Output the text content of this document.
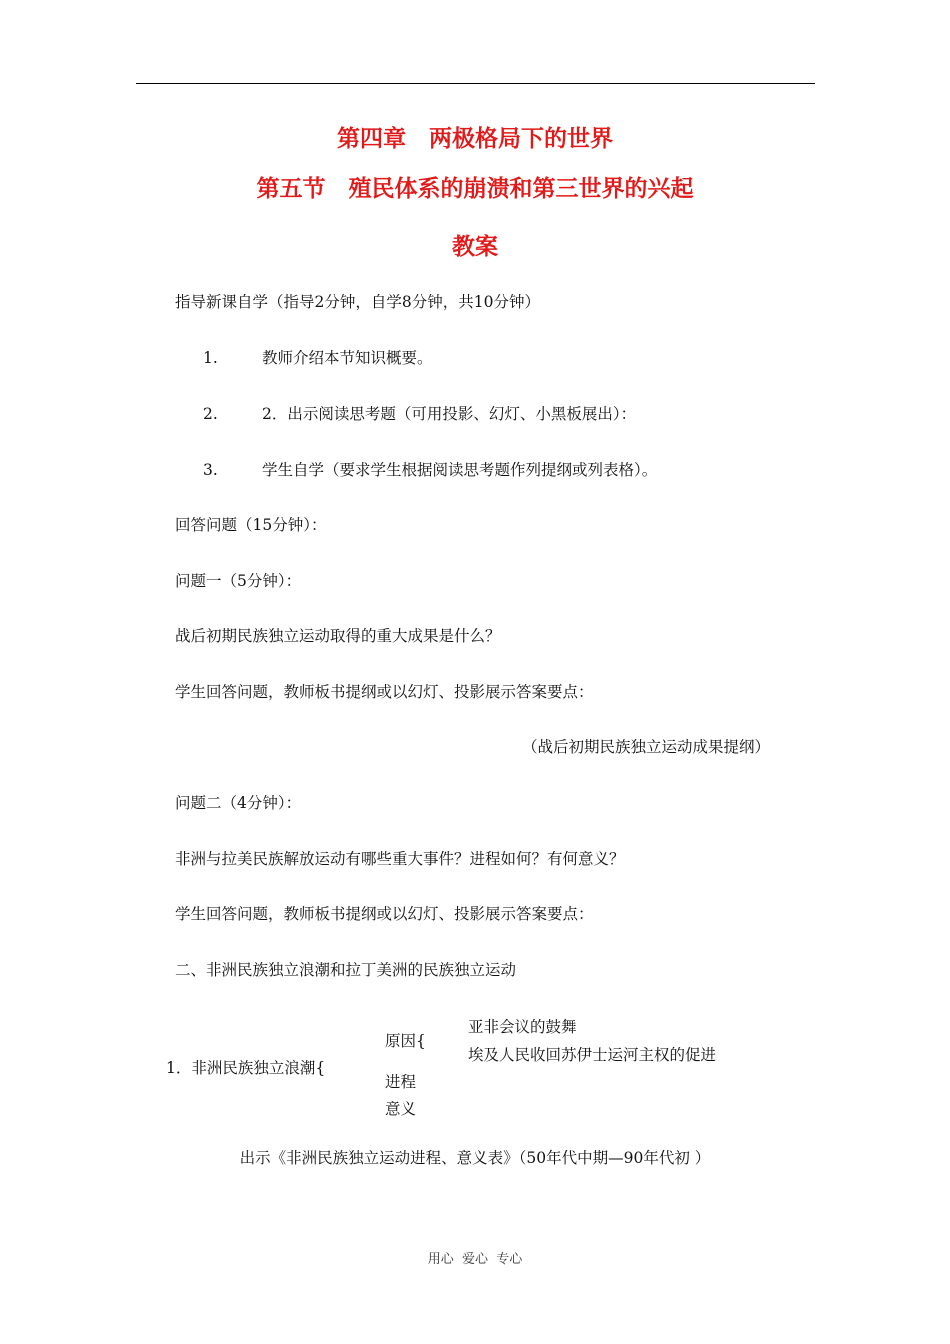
第四章　两极格局下的世界
第五节　殖民体系的崩溃和第三世界的兴起
教案
指导新课自学（指导2分钟，自学8分钟，共10分钟）
1.	教师介绍本节知识概要。
2.	2．出示阅读思考题（可用投影、幻灯、小黑板展出）：
3.	学生自学（要求学生根据阅读思考题作列提纲或列表格）。
回答问题（15分钟）：
问题一（5分钟）：
战后初期民族独立运动取得的重大成果是什么？
学生回答问题，教师板书提纲或以幻灯、投影展示答案要点：
（战后初期民族独立运动成果提纲）
问题二（4分钟）：
非洲与拉美民族解放运动有哪些重大事件？进程如何？有何意义？
学生回答问题，教师板书提纲或以幻灯、投影展示答案要点：
二、非洲民族独立浪潮和拉丁美洲的民族独立运动
1．非洲民族独立浪潮{
原因{
亚非会议的鼓舞
埃及人民收回苏伊士运河主权的促进
进程
意义
出示《非洲民族独立运动进程、意义表》（50年代中期—90年代初 ）
用心  爱心  专心
